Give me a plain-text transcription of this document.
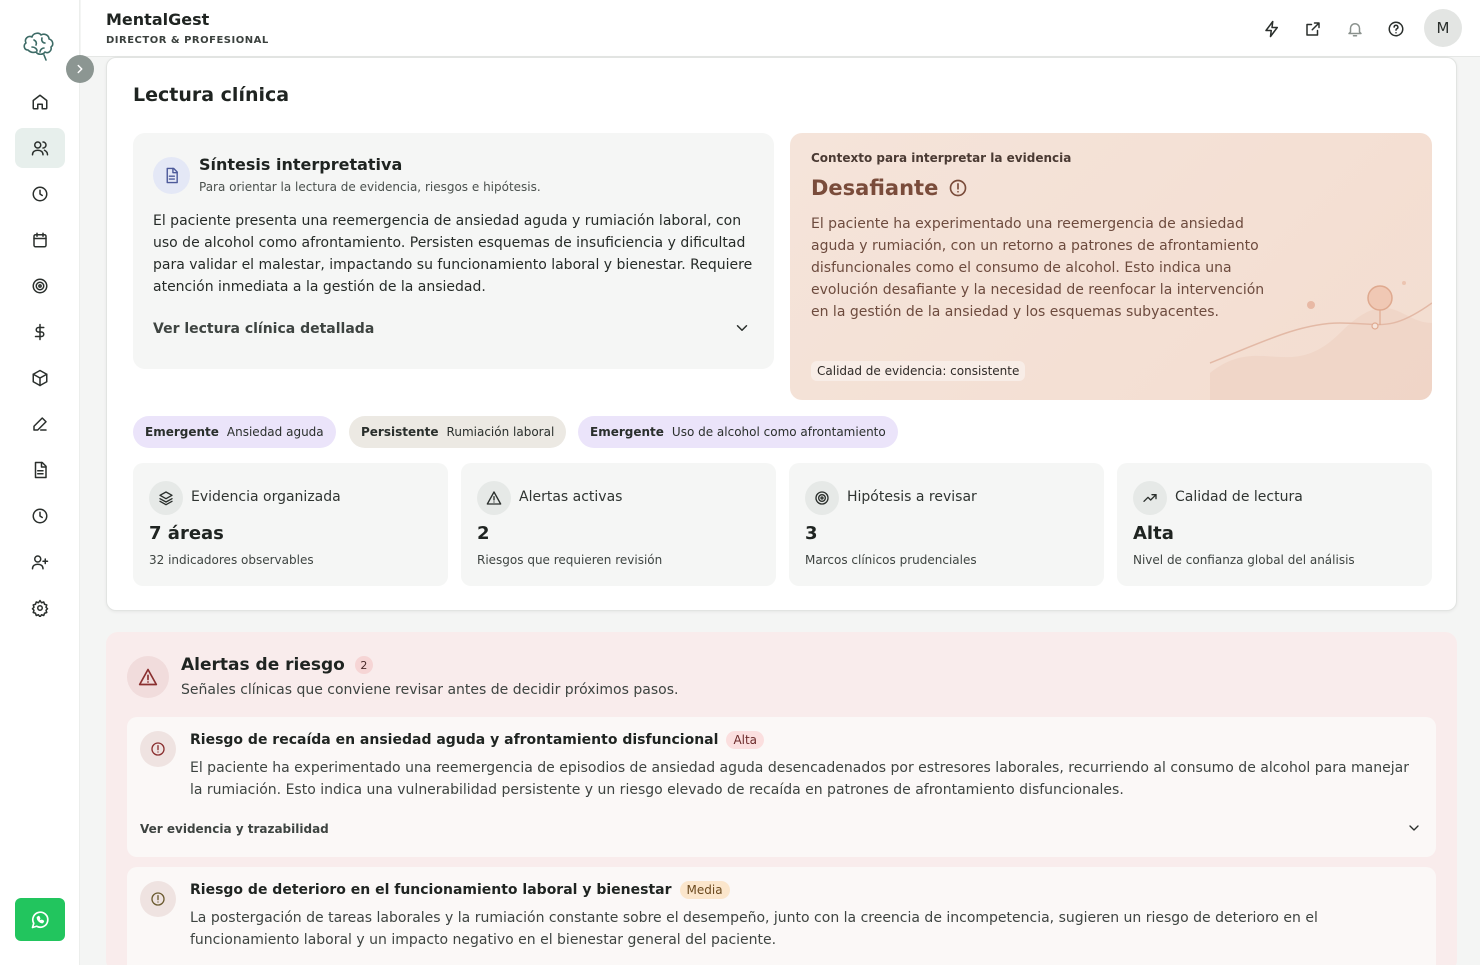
MentalGest
DIRECTOR & PROFESIONAL
M
Lectura clínica
Síntesis interpretativa
Para orientar la lectura de evidencia, riesgos e hipótesis.

El paciente presenta una reemergencia de ansiedad aguda y rumiación laboral, con uso de alcohol como afrontamiento. Persisten esquemas de insuficiencia y dificultad para validar el malestar, impactando su funcionamiento laboral y bienestar. Requiere atención inmediata a la gestión de la ansiedad.

Ver lectura clínica detallada
Contexto para interpretar la evidencia
Desafiante

El paciente ha experimentado una reemergencia de ansiedad aguda y rumiación, con un retorno a patrones de afrontamiento disfuncionales como el consumo de alcohol. Esto indica una evolución desafiante y la necesidad de reenfocar la intervención en la gestión de la ansiedad y los esquemas subyacentes.

Calidad de evidencia: consistente
Emergente Ansiedad aguda	Persistente Rumiación laboral	Emergente Uso de alcohol como afrontamiento
Evidencia organizada
7 áreas
32 indicadores observables
Alertas activas
2
Riesgos que requieren revisión
Hipótesis a revisar
3
Marcos clínicos prudenciales
Calidad de lectura
Alta
Nivel de confianza global del análisis
Alertas de riesgo	2
Señales clínicas que conviene revisar antes de decidir próximos pasos.
Riesgo de recaída en ansiedad aguda y afrontamiento disfuncional	Alta

El paciente ha experimentado una reemergencia de episodios de ansiedad aguda desencadenados por estresores laborales, recurriendo al consumo de alcohol para manejar la rumiación. Esto indica una vulnerabilidad persistente y un riesgo elevado de recaída en patrones de afrontamiento disfuncionales.

Ver evidencia y trazabilidad
Riesgo de deterioro en el funcionamiento laboral y bienestar	Media

La postergación de tareas laborales y la rumiación constante sobre el desempeño, junto con la creencia de incompetencia, sugieren un riesgo de deterioro en el funcionamiento laboral y un impacto negativo en el bienestar general del paciente.
